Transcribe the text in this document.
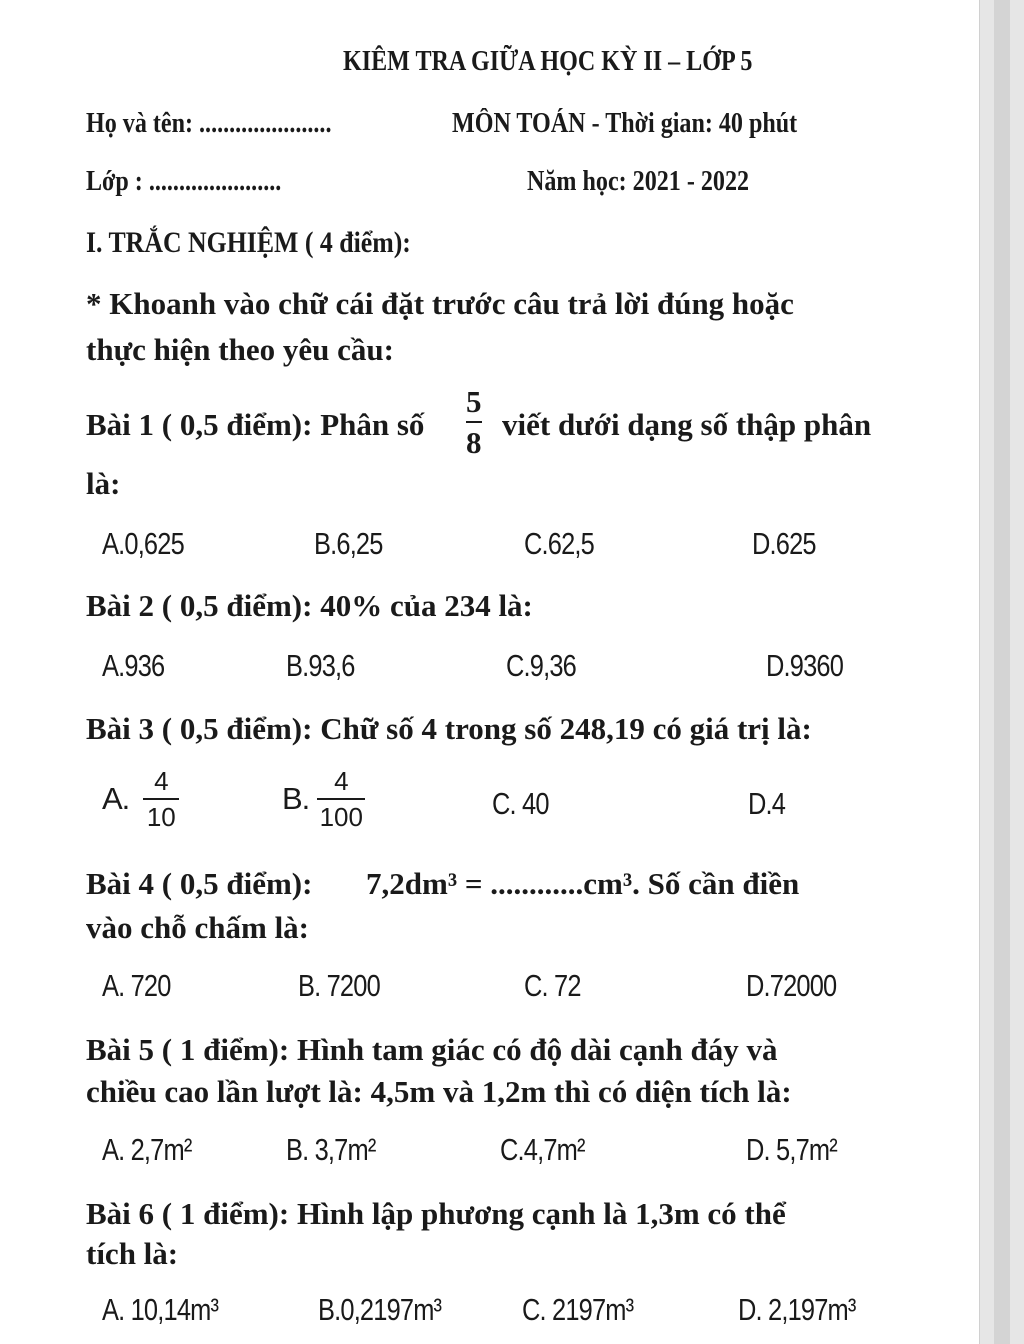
KIÊM TRA GIỮA HỌC KỲ II – LỚP 5
Họ và tên: ......................	MÔN TOÁN - Thời gian: 40 phút
Lớp : ......................	Năm học: 2021 - 2022
I. TRẮC NGHIỆM ( 4 điểm):
* Khoanh vào chữ cái đặt trước câu trả lời đúng hoặc
thực hiện theo yêu cầu:
Bài 1 ( 0,5 điểm): Phân số
5
8
viết dưới dạng số thập phân
là:
A.0,625	B.6,25	C.62,5	D.625
Bài 2 ( 0,5 điểm): 40% của 234 là:
A.936	B.93,6	C.9,36	D.9360
Bài 3 ( 0,5 điểm): Chữ số 4 trong số 248,19 có giá trị là:
A. 4
10
B. 4
100	C. 40	D.4
Bài 4 ( 0,5 điểm): 7,2dm³ = ............cm³. Số cần điền
vào chỗ chấm là:
A. 720	B. 7200	C. 72	D.72000
Bài 5 ( 1 điểm): Hình tam giác có độ dài cạnh đáy và
chiều cao lần lượt là: 4,5m và 1,2m thì có diện tích là:
A. 2,7m²	B. 3,7m²	C.4,7m²	D. 5,7m²
Bài 6 ( 1 điểm): Hình lập phương cạnh là 1,3m có thể
tích là:
A. 10,14m³	B.0,2197m³	C. 2197m³	D. 2,197m³
